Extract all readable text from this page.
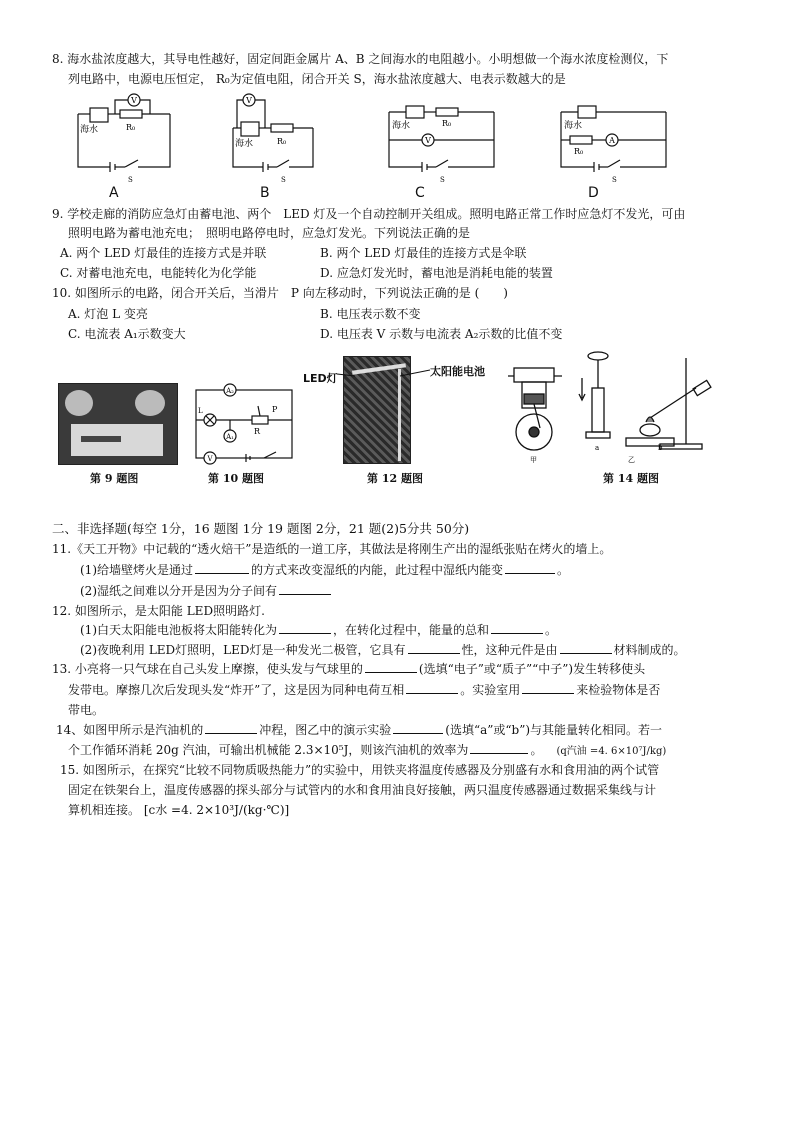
8. 海水盐浓度越大，其导电性越好，固定间距金属片 A、B 之间海水的电阻越小。小明想做一个海水浓度检测仪，下
列电路中，电源电压恒定， R₀为定值电阻，闭合开关 S，海水盐浓度越大、电表示数越大的是
V
海水	R₀
S
A
V
海水	R₀
S
B
V
海水	R₀
S
C
A
海水
R₀
S
D
9. 学校走廊的消防应急灯由蓄电池、两个　LED 灯及一个自动控制开关组成。照明电路正常工作时应急灯不发光，可由
照明电路为蓄电池充电；　照明电路停电时，应急灯发光。下列说法正确的是
A. 两个 LED 灯最佳的连接方式是并联	B. 两个 LED 灯最佳的连接方式是伞联
C. 对蓄电池充电，电能转化为化学能	D. 应急灯发光时，蓄电池是消耗电能的装置
10. 如图所示的电路，闭合开关后，当滑片　P 向左移动时，下列说法正确的是 (　　)
A. 灯泡 L 变亮	B. 电压表示数不变
C. 电流表 A₁示数变大	D. 电压表 V 示数与电流表 A₂示数的比值不变
第 9 题图
A₂
L
A₁
P
R
V
第 10 题图
LED灯
太阳能电池
第 12 题图
甲
a
乙
b
第 14 题图
二、非选择题(每空 1分，16 题图 1分 19 题图 2分，21 题(2)5分共 50分)
11.《天工开物》中记载的“透火焙干”是造纸的一道工序，其做法是将刚生产出的湿纸张贴在烤火的墙上。
(1)给墙壁烤火是通过	的方式来改变湿纸的内能，此过程中湿纸内能变	。
(2)湿纸之间难以分开是因为分子间有
12. 如图所示，是太阳能 LED照明路灯.
(1)白天太阳能电池板将太阳能转化为	，在转化过程中，能量的总和	。
(2)夜晚利用 LED灯照明，LED灯是一种发光二极管，它具有	性，这种元件是由	材料制成的。
13. 小亮将一只气球在自己头发上摩擦，使头发与气球里的	(选填“电子”或“质子”“中子”)发生转移使头
发带电。摩擦几次后发现头发“炸开”了，这是因为同种电荷互相	。实验室用	来检验物体是否
带电。
14、如图甲所示是汽油机的	冲程，图乙中的演示实验	(选填“a”或“b”)与其能量转化相同。若一
个工作循环消耗 20g 汽油，可输出机械能 2.3×10⁵J，则该汽油机的效率为	。 (q汽油 =4. 6×10⁷J/kg)
15. 如图所示，在探究“比较不同物质吸热能力”的实验中，用铁夹将温度传感器及分别盛有水和食用油的两个试管
固定在铁架台上，温度传感器的探头部分与试管内的水和食用油良好接触，两只温度传感器通过数据采集线与计
算机相连接。 [c水 =4. 2×10³J/(kg·℃)]
